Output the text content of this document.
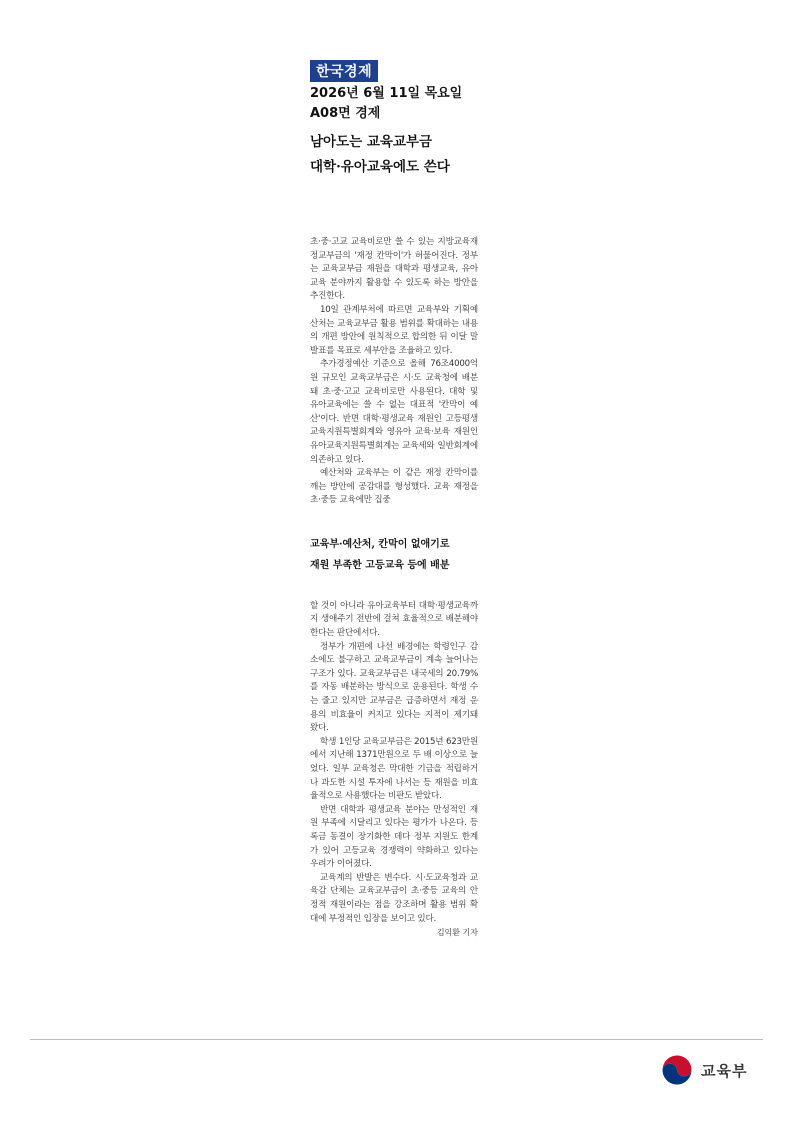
한국경제
2026년 6월 11일 목요일 A08면 경제
남아도는 교육교부금
대학·유아교육에도 쓴다

초·중·고교 교육비로만 쓸 수 있는 지방교육재정교부금의 '재정 칸막이'가 허물어진다. 정부는 교육교부금 재원을 대학과 평생교육, 유아교육 분야까지 활용할 수 있도록 하는 방안을 추진한다.

10일 관계부처에 따르면 교육부와 기획예산처는 교육교부금 활용 범위를 확대하는 내용의 개편 방안에 원칙적으로 합의한 뒤 이달 말 발표를 목표로 세부안을 조율하고 있다.

추가경정예산 기준으로 올해 76조4000억원 규모인 교육교부금은 시·도 교육청에 배분돼 초·중·고교 교육비로만 사용된다. 대학 및 유아교육에는 쓸 수 없는 대표적 '칸막이 예산'이다. 반면 대학·평생교육 재원인 고등평생교육지원특별회계와 영유아 교육·보육 재원인 유아교육지원특별회계는 교육세와 일반회계에 의존하고 있다.

예산처와 교육부는 이 같은 재정 칸막이를 깨는 방안에 공감대를 형성했다. 교육 재정을 초·중등 교육에만 집중

교육부·예산처, 칸막이 없애기로
재원 부족한 고등교육 등에 배분

할 것이 아니라 유아교육부터 대학·평생교육까지 생애주기 전반에 걸쳐 효율적으로 배분해야 한다는 판단에서다.

정부가 개편에 나선 배경에는 학령인구 감소에도 불구하고 교육교부금이 계속 늘어나는 구조가 있다. 교육교부금은 내국세의 20.79%를 자동 배분하는 방식으로 운용된다. 학생 수는 줄고 있지만 교부금은 급증하면서 재정 운용의 비효율이 커지고 있다는 지적이 제기돼 왔다.

학생 1인당 교육교부금은 2015년 623만원에서 지난해 1371만원으로 두 배 이상으로 늘었다. 일부 교육청은 막대한 기금을 적립하거나 과도한 시설 투자에 나서는 등 재원을 비효율적으로 사용했다는 비판도 받았다.

반면 대학과 평생교육 분야는 만성적인 재원 부족에 시달리고 있다는 평가가 나온다. 등록금 동결이 장기화한 데다 정부 지원도 한계가 있어 고등교육 경쟁력이 약화하고 있다는 우려가 이어졌다.

교육계의 반발은 변수다. 시·도교육청과 교육감 단체는 교육교부금이 초·중등 교육의 안정적 재원이라는 점을 강조하며 활용 범위 확대에 부정적인 입장을 보이고 있다.
김익환 기자

교육부
